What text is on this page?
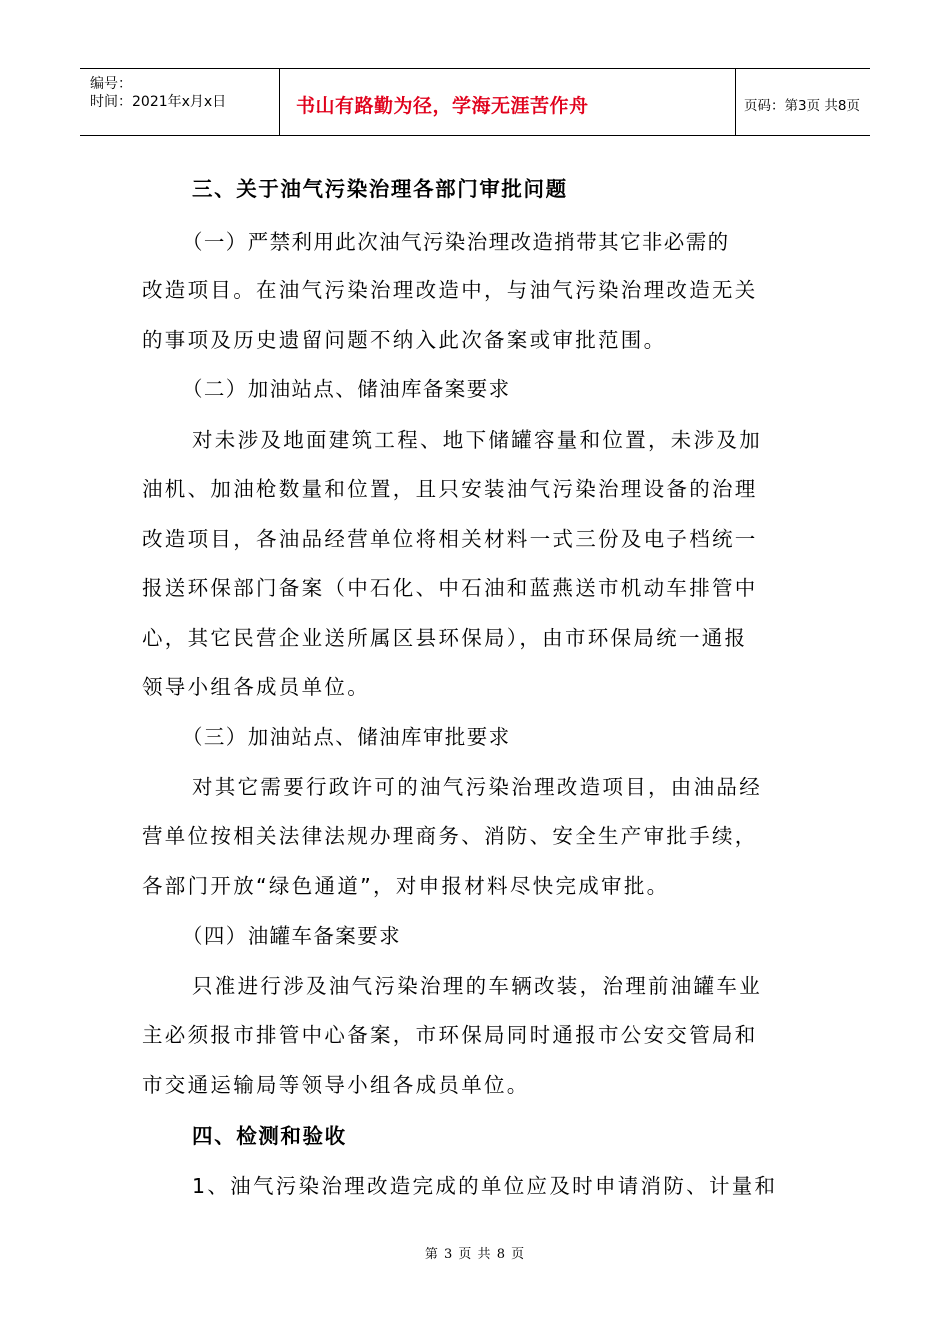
编号：
时间：2021年x月x日	书山有路勤为径，学海无涯苦作舟	页码：第3页 共8页
三、关于油气污染治理各部门审批问题
（一）严禁利用此次油气污染治理改造捎带其它非必需的
改造项目。在油气污染治理改造中，与油气污染治理改造无关
的事项及历史遗留问题不纳入此次备案或审批范围。
（二）加油站点、储油库备案要求
对未涉及地面建筑工程、地下储罐容量和位置，未涉及加
油机、加油枪数量和位置，且只安装油气污染治理设备的治理
改造项目，各油品经营单位将相关材料一式三份及电子档统一
报送环保部门备案（中石化、中石油和蓝燕送市机动车排管中
心，其它民营企业送所属区县环保局），由市环保局统一通报
领导小组各成员单位。
（三）加油站点、储油库审批要求
对其它需要行政许可的油气污染治理改造项目，由油品经
营单位按相关法律法规办理商务、消防、安全生产审批手续，
各部门开放“绿色通道”，对申报材料尽快完成审批。
（四）油罐车备案要求
只准进行涉及油气污染治理的车辆改装，治理前油罐车业
主必须报市排管中心备案，市环保局同时通报市公安交管局和
市交通运输局等领导小组各成员单位。
四、检测和验收
1、油气污染治理改造完成的单位应及时申请消防、计量和
第 3 页 共 8 页
